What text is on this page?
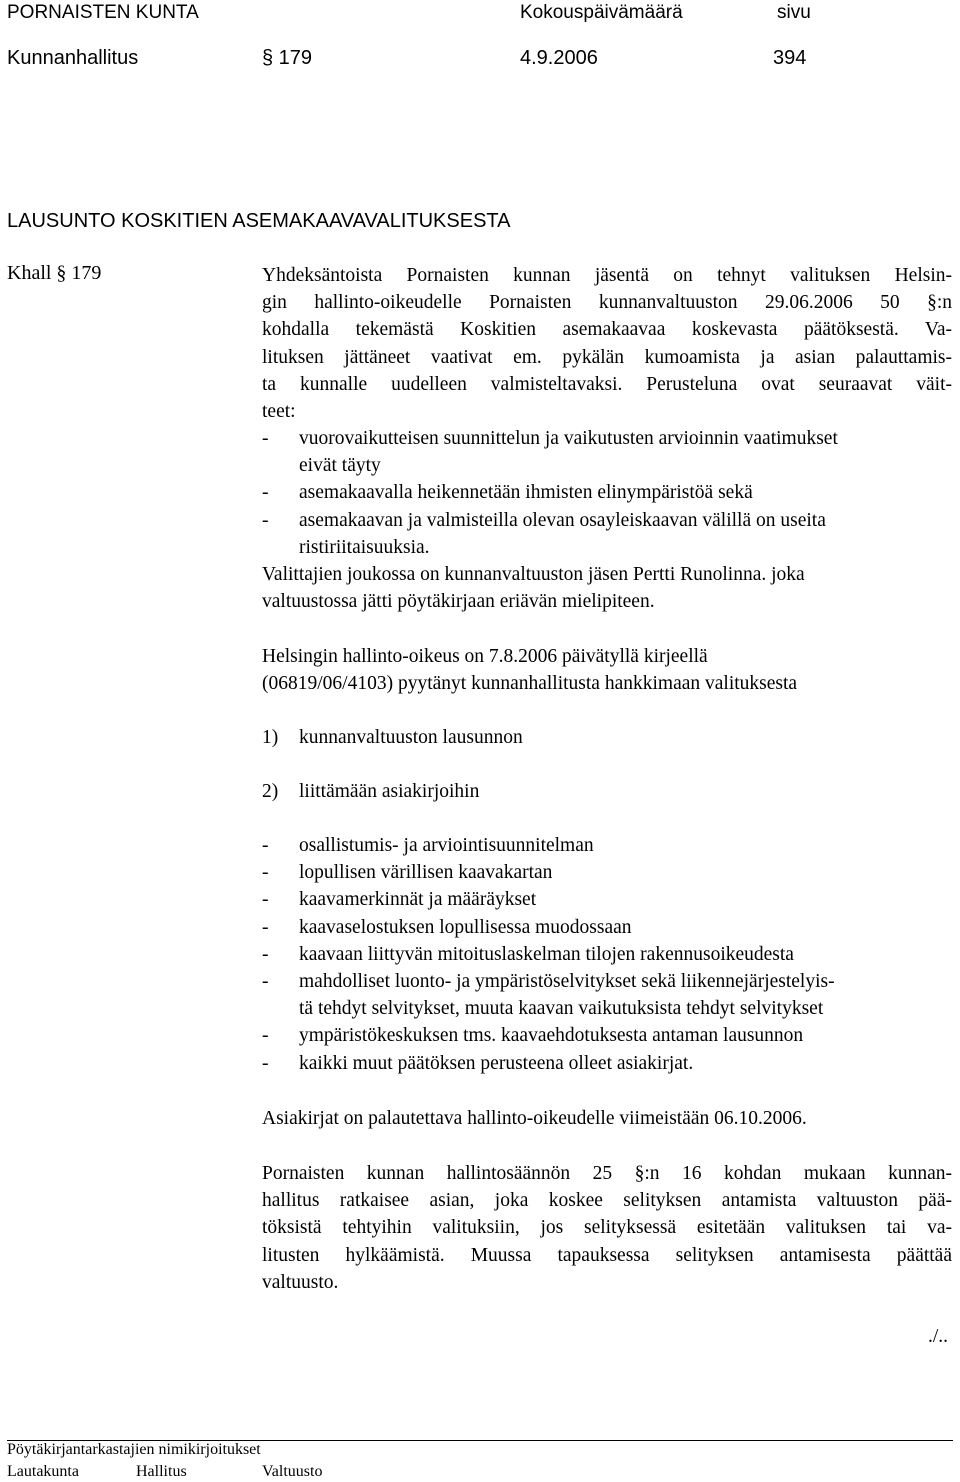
PORNAISTEN KUNTA	Kokouspäivämäärä	sivu
Kunnanhallitus	§ 179	4.9.2006	394
LAUSUNTO KOSKITIEN ASEMAKAAVAVALITUKSESTA
Khall § 179	Yhdeksäntoista Pornaisten kunnan jäsentä on tehnyt valituksen Helsin-
gin hallinto-oikeudelle Pornaisten kunnanvaltuuston 29.06.2006 50 §:n
kohdalla tekemästä Koskitien asemakaavaa koskevasta päätöksestä. Va-
lituksen jättäneet vaativat em. pykälän kumoamista ja asian palauttamis-
ta kunnalle uudelleen valmisteltavaksi. Perusteluna ovat seuraavat väit-
teet:
- vuorovaikutteisen suunnittelun ja vaikutusten arvioinnin vaatimukset
eivät täyty
- asemakaavalla heikennetään ihmisten elinympäristöä sekä
- asemakaavan ja valmisteilla olevan osayleiskaavan välillä on useita
ristiriitaisuuksia.
Valittajien joukossa on kunnanvaltuuston jäsen Pertti Runolinna. joka
valtuustossa jätti pöytäkirjaan eriävän mielipiteen.
Helsingin hallinto-oikeus on 7.8.2006 päivätyllä kirjeellä
(06819/06/4103) pyytänyt kunnanhallitusta hankkimaan valituksesta
1) kunnanvaltuuston lausunnon
2) liittämään asiakirjoihin
- osallistumis- ja arviointisuunnitelman
- lopullisen värillisen kaavakartan
- kaavamerkinnät ja määräykset
- kaavaselostuksen lopullisessa muodossaan
- kaavaan liittyvän mitoituslaskelman tilojen rakennusoikeudesta
- mahdolliset luonto- ja ympäristöselvitykset sekä liikennejärjestelyis-
tä tehdyt selvitykset, muuta kaavan vaikutuksista tehdyt selvitykset
- ympäristökeskuksen tms. kaavaehdotuksesta antaman lausunnon
- kaikki muut päätöksen perusteena olleet asiakirjat.
Asiakirjat on palautettava hallinto-oikeudelle viimeistään 06.10.2006.
Pornaisten kunnan hallintosäännön 25 §:n 16 kohdan mukaan kunnan-
hallitus ratkaisee asian, joka koskee selityksen antamista valtuuston pää-
töksistä tehtyihin valituksiin, jos selityksessä esitetään valituksen tai va-
litusten hylkäämistä. Muussa tapauksessa selityksen antamisesta päättää
valtuusto.
./..
Pöytäkirjantarkastajien nimikirjoitukset
Lautakunta	Hallitus	Valtuusto
